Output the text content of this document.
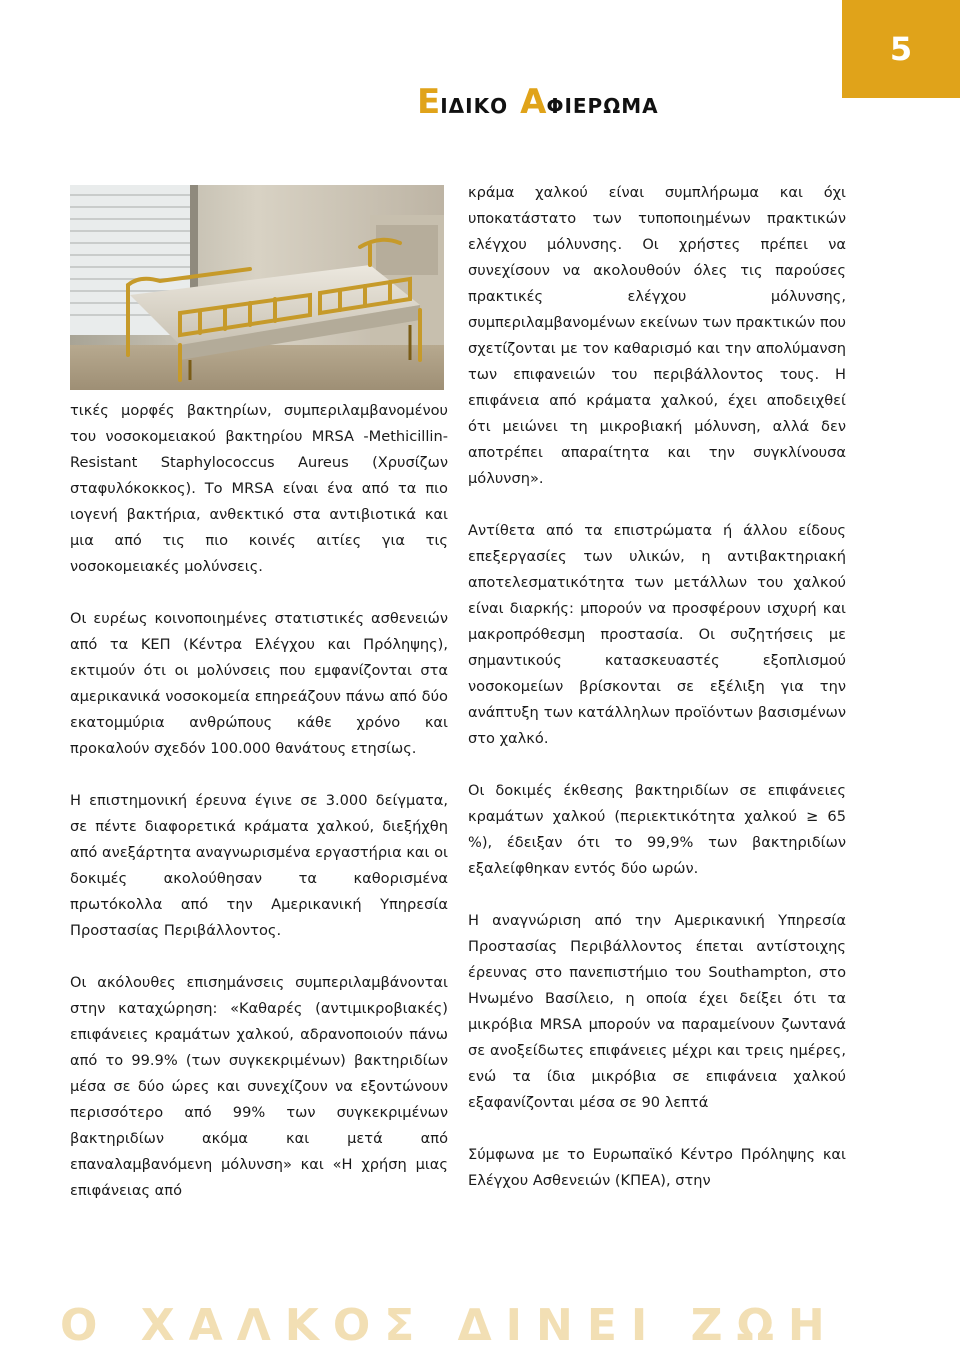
5
Ε ΙΔΙΚΟ Α ΦΙΕΡΩΜΑ

τικές μορφές βακτηρίων, συμπεριλαμβανομένου του νοσοκομειακού βακτηρίου MRSA -Methicillin-Resistant Staphylococcus Aureus (Χρυσίζων σταφυλόκοκκος). Το MRSA είναι ένα από τα πιο ιογενή βακτήρια, ανθεκτικό στα αντιβιοτικά και μια από τις πιο κοινές αιτίες για τις νοσοκομειακές μολύνσεις.

Οι ευρέως κοινοποιημένες στατιστικές ασθενειών από τα ΚΕΠ (Κέντρα Ελέγχου και Πρόληψης), εκτιμούν ότι οι μολύνσεις που εμφανίζονται στα αμερικανικά νοσοκομεία επηρεάζουν πάνω από δύο εκατομμύρια ανθρώπους κάθε χρόνο και προκαλούν σχεδόν 100.000 θανάτους ετησίως.

Η επιστημονική έρευνα έγινε σε 3.000 δείγματα, σε πέντε διαφορετικά κράματα χαλκού, διεξήχθη από ανεξάρτητα αναγνωρισμένα εργαστήρια και οι δοκιμές ακολούθησαν τα καθορισμένα πρωτόκολλα από την Αμερικανική Υπηρεσία Προστασίας Περιβάλλοντος.

Οι ακόλουθες επισημάνσεις συμπεριλαμβάνονται στην καταχώρηση: «Καθαρές (αντιμικροβιακές) επιφάνειες κραμάτων χαλκού, αδρανοποιούν πάνω από το 99.9% (των συγκεκριμένων) βακτηριδίων μέσα σε δύο ώρες και συνεχίζουν να εξοντώνουν περισσότερο από 99% των συγκεκριμένων βακτηριδίων ακόμα και μετά από επαναλαμβανόμενη μόλυνση» και «Η χρήση μιας επιφάνειας από

κράμα χαλκού είναι συμπλήρωμα και όχι υποκατάστατο των τυποποιημένων πρακτικών ελέγχου μόλυνσης. Οι χρήστες πρέπει να συνεχίσουν να ακολουθούν όλες τις παρούσες πρακτικές ελέγχου μόλυνσης, συμπεριλαμβανομένων εκείνων των πρακτικών που σχετίζονται με τον καθαρισμό και την απολύμανση των επιφανειών του περιβάλλοντος τους. Η επιφάνεια από κράματα χαλκού, έχει αποδειχθεί ότι μειώνει τη μικροβιακή μόλυνση, αλλά δεν αποτρέπει απαραίτητα και την συγκλίνουσα μόλυνση».

Αντίθετα από τα επιστρώματα ή άλλου είδους επεξεργασίες των υλικών, η αντιβακτηριακή αποτελεσματικότητα των μετάλλων του χαλκού είναι διαρκής: μπορούν να προσφέρουν ισχυρή και μακροπρόθεσμη προστασία. Οι συζητήσεις με σημαντικούς κατασκευαστές εξοπλισμού νοσοκομείων βρίσκονται σε εξέλιξη για την ανάπτυξη των κατάλληλων προϊόντων βασισμένων στο χαλκό.

Οι δοκιμές έκθεσης βακτηριδίων σε επιφάνειες κραμάτων χαλκού (περιεκτικότητα χαλκού ≥ 65 %), έδειξαν ότι το 99,9% των βακτηριδίων εξαλείφθηκαν εντός δύο ωρών.

Η αναγνώριση από την Αμερικανική Υπηρεσία Προστασίας Περιβάλλοντος έπεται αντίστοιχης έρευνας στο πανεπιστήμιο του Southampton, στο Ηνωμένο Βασίλειο, η οποία έχει δείξει ότι τα μικρόβια MRSA μπορούν να παραμείνουν ζωντανά σε ανοξείδωτες επιφάνειες μέχρι και τρεις ημέρες, ενώ τα ίδια μικρόβια σε επιφάνεια χαλκού εξαφανίζονται μέσα σε 90 λεπτά

Σύμφωνα με το Ευρωπαϊκό Κέντρο Πρόληψης και Ελέγχου Ασθενειών (ΚΠΕΑ), στην

Ο ΧΑΛΚΟΣ ΔΙΝΕΙ ΖΩΗ
